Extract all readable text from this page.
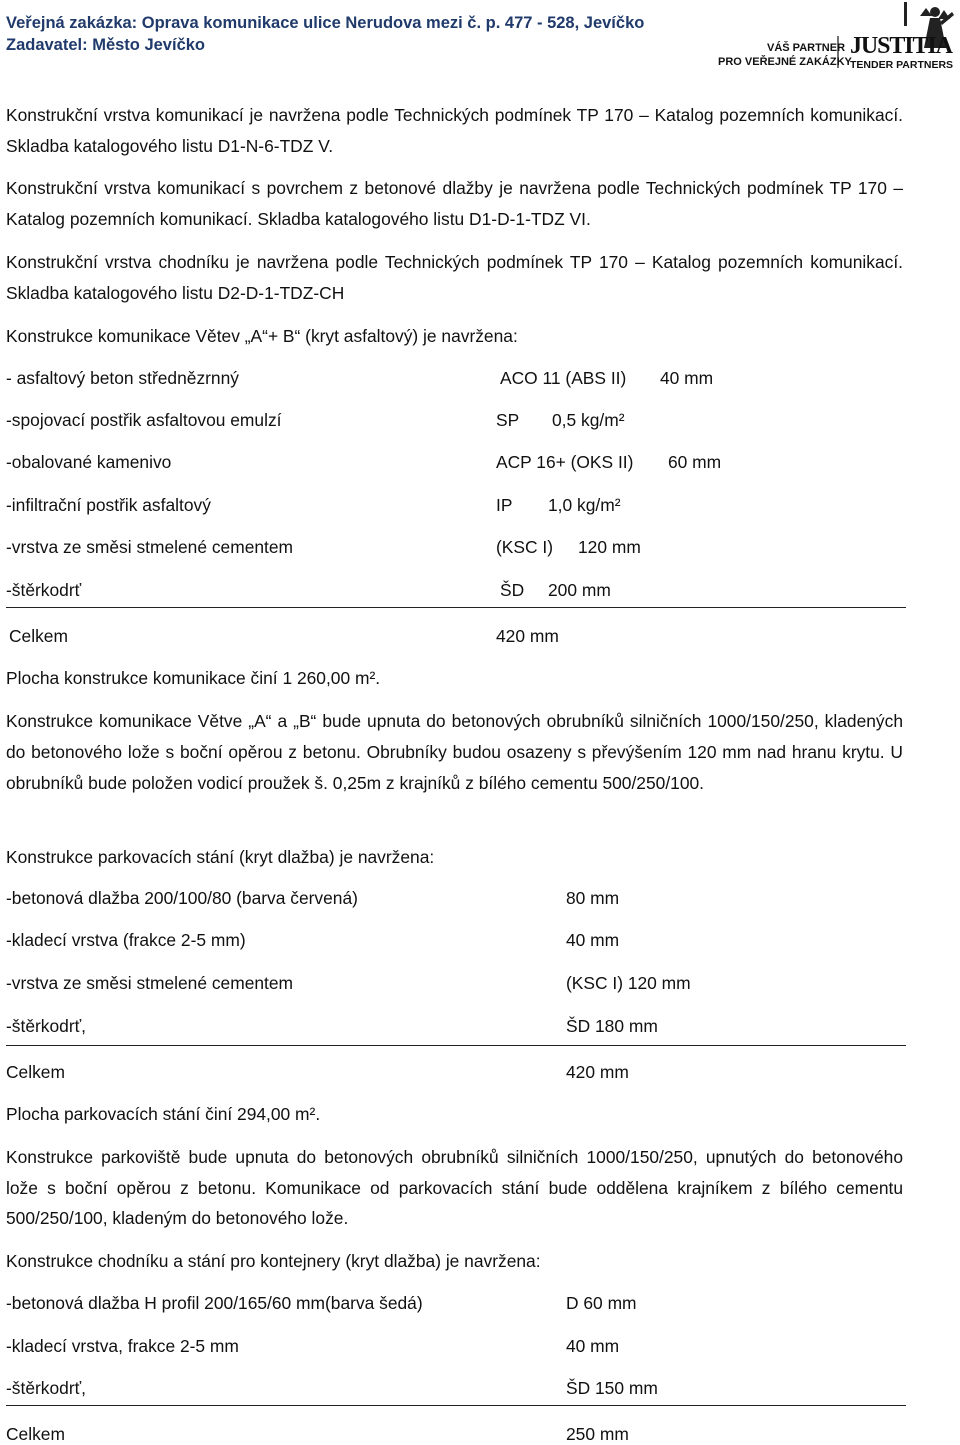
Veřejná zakázka: Oprava komunikace ulice Nerudova mezi č. p. 477 - 528, Jevíčko
Zadavatel: Město Jevíčko	VÁŠ PARTNER
PRO VEŘEJNÉ ZAKÁZKY
JUSTITIA
TENDER PARTNERS

Konstrukční vrstva komunikací je navržena podle Technických podmínek TP 170 – Katalog pozemních komunikací. Skladba katalogového listu D1-N-6-TDZ V.

Konstrukční vrstva komunikací s povrchem z betonové dlažby je navržena podle Technických podmínek TP 170 – Katalog pozemních komunikací. Skladba katalogového listu D1-D-1-TDZ VI.

Konstrukční vrstva chodníku je navržena podle Technických podmínek TP 170 – Katalog pozemních komunikací. Skladba katalogového listu D2-D-1-TDZ-CH

Konstrukce komunikace Větev „A“+ B“ (kryt asfaltový) je navržena:
- asfaltový beton střednězrnný	ACO 11 (ABS II) 40 mm
-spojovací postřik asfaltovou emulzí	SP 0,5 kg/m²
-obalované kamenivo	ACP 16+ (OKS II) 60 mm
-infiltrační postřik asfaltový	IP 1,0 kg/m²
-vrstva ze směsi stmelené cementem	(KSC I) 120 mm
-štěrkodrť	ŠD 200 mm
Celkem	420 mm
Plocha konstrukce komunikace činí 1 260,00 m².

Konstrukce komunikace Větve „A“ a „B“ bude upnuta do betonových obrubníků silničních 1000/150/250, kladených do betonového lože s boční opěrou z betonu. Obrubníky budou osazeny s převýšením 120 mm nad hranu krytu. U obrubníků bude položen vodicí proužek š. 0,25m z krajníků z bílého cementu 500/250/100.

Konstrukce parkovacích stání (kryt dlažba) je navržena:
-betonová dlažba 200/100/80 (barva červená)	80 mm
-kladecí vrstva (frakce 2-5 mm)	40 mm
-vrstva ze směsi stmelené cementem	(KSC I) 120 mm
-štěrkodrť,	ŠD 180 mm
Celkem	420 mm
Plocha parkovacích stání činí 294,00 m².

Konstrukce parkoviště bude upnuta do betonových obrubníků silničních 1000/150/250, upnutých do betonového lože s boční opěrou z betonu. Komunikace od parkovacích stání bude oddělena krajníkem z bílého cementu 500/250/100, kladeným do betonového lože.

Konstrukce chodníku a stání pro kontejnery (kryt dlažba) je navržena:
-betonová dlažba H profil 200/165/60 mm(barva šedá)	D 60 mm
-kladecí vrstva, frakce 2-5 mm	40 mm
-štěrkodrť,	ŠD 150 mm
Celkem	250 mm
